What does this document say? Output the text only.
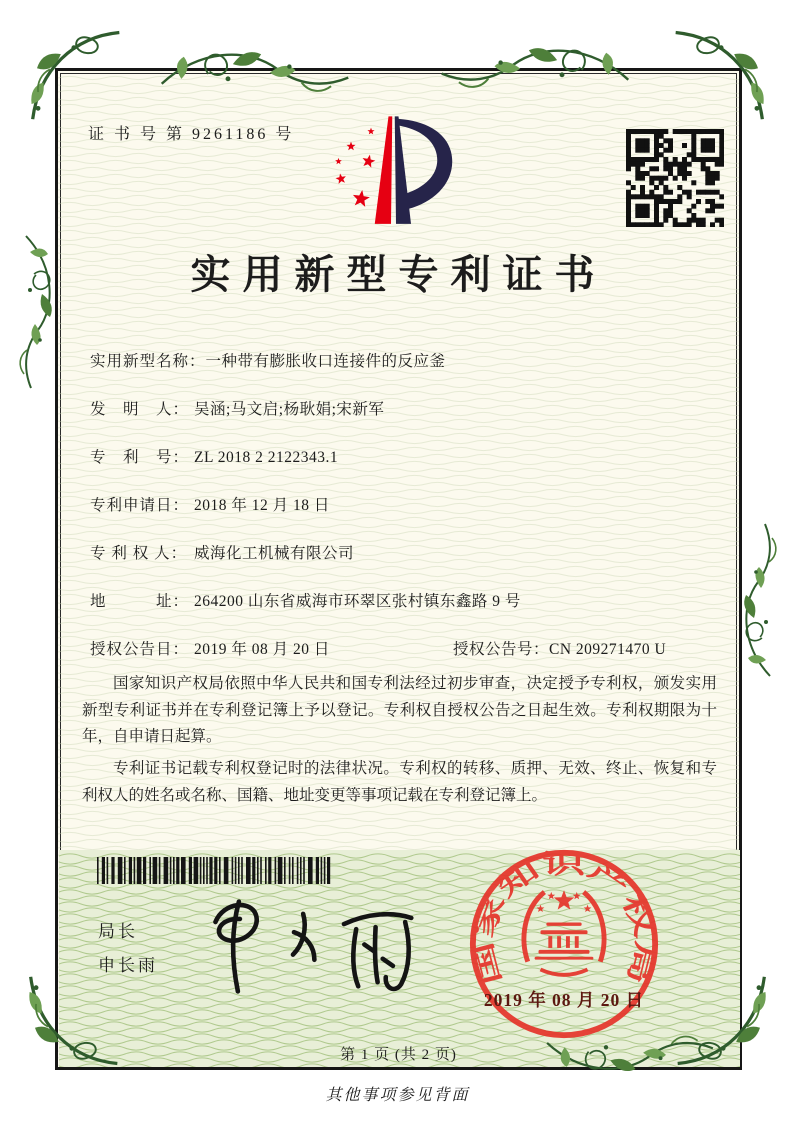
证 书 号 第 9261186 号
实用新型专利证书
实用新型名称：一种带有膨胀收口连接件的反应釜
发　明　人： 吴涵;马文启;杨耿娟;宋新军
专　利　号： ZL 2018 2 2122343.1
专利申请日： 2018 年 12 月 18 日
专 利 权 人： 威海化工机械有限公司
地　　　址： 264200 山东省威海市环翠区张村镇东鑫路 9 号
授权公告日： 2019 年 08 月 20 日	授权公告号：CN 209271470 U

国家知识产权局依照中华人民共和国专利法经过初步审查，决定授予专利权，颁发实用新型专利证书并在专利登记簿上予以登记。专利权自授权公告之日起生效。专利权期限为十年，自申请日起算。

专利证书记载专利权登记时的法律状况。专利权的转移、质押、无效、终止、恢复和专利权人的姓名或名称、国籍、地址变更等事项记载在专利登记簿上。

局长
申长雨	国家知识产权局
2019 年 08 月 20 日
第 1 页 (共 2 页)
其他事项参见背面
